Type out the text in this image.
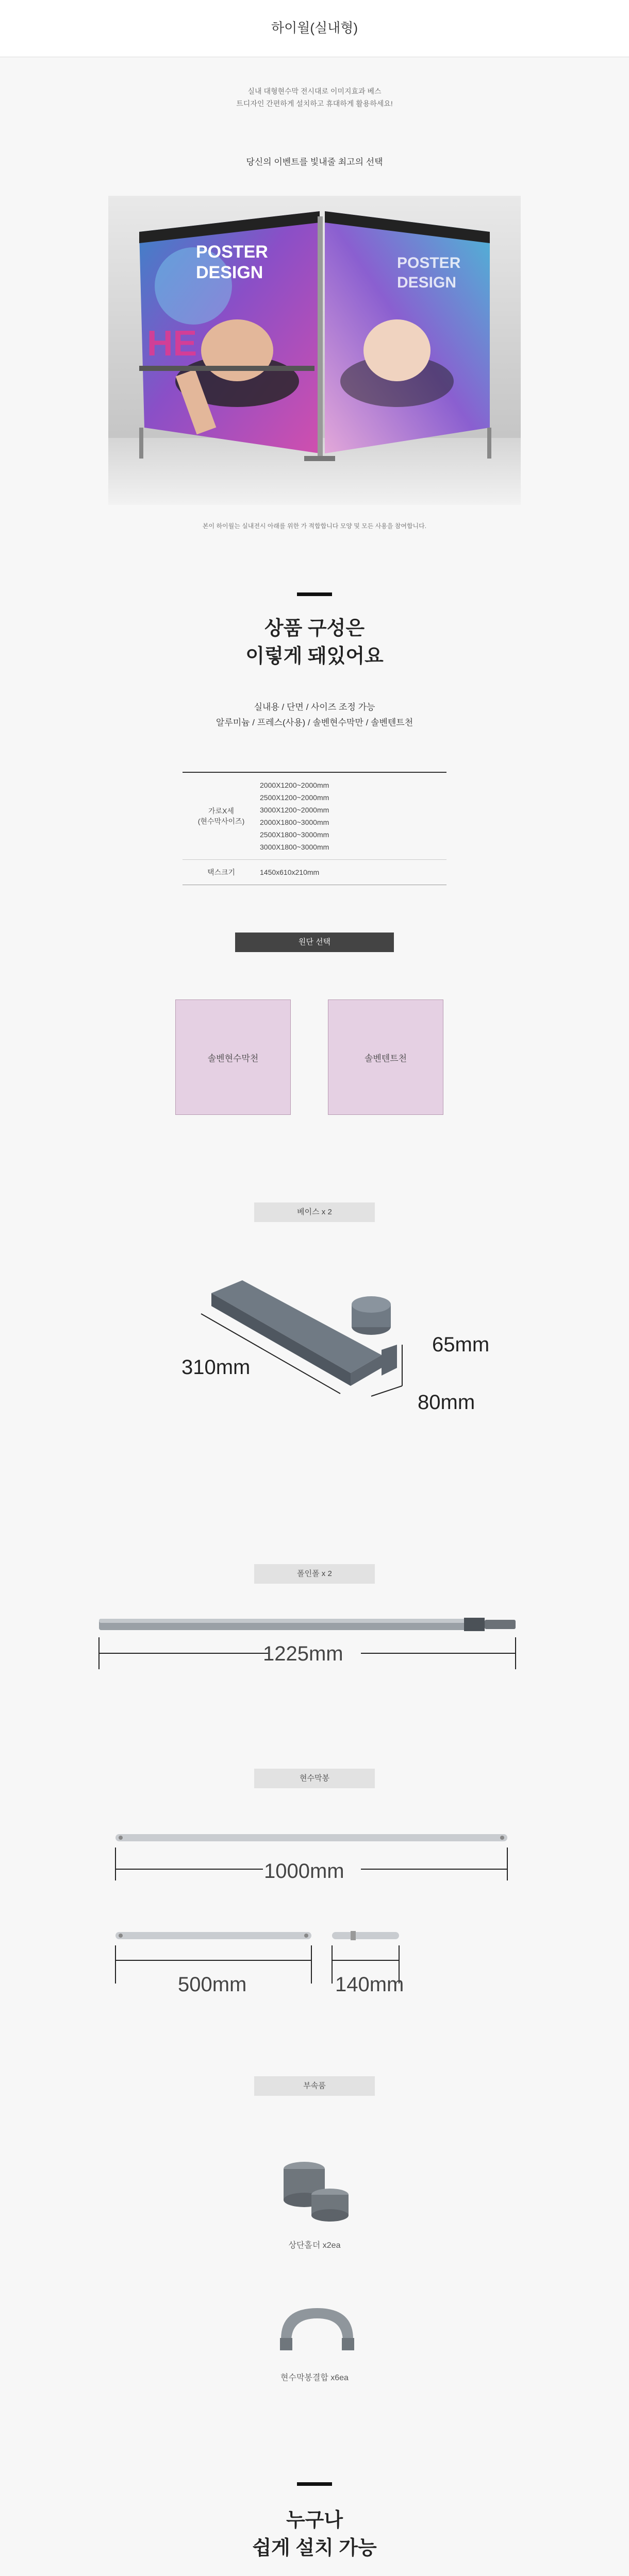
하이월(실내형)
실내 대형현수막 전시대로 이미지효과 베스
트디자인 간편하게 설치하고 휴대하게 활용하세요!
당신의 이벤트를 빛내줄 최고의 선택
POSTER
DESIGN
HE
POSTER
DESIGN
본이 하이월는 실내전시 아래를 위한 가 적합합니다 모양 및 모든 사용을 참여합니다.
상품 구성은
이렇게 돼있어요
실내용 / 단면 / 사이즈 조정 가능
알루미늄 / 프레스(사용) / 솔벤현수막만 / 솔벤텐트천
가로X세
(현수막사이즈)
2000X1200~2000mm
2500X1200~2000mm
3000X1200~2000mm
2000X1800~3000mm
2500X1800~3000mm
3000X1800~3000mm
택스크기	1450x610x210mm
원단 선택
솔벤현수막천	솔벤텐트천
베이스 x 2
310mm
65mm
80mm
폴인폴 x 2
1225mm
현수막봉
1000mm
500mm	140mm
부속품
상단홀더 x2ea
현수막봉결합 x6ea
누구나
쉽게 설치 가능
